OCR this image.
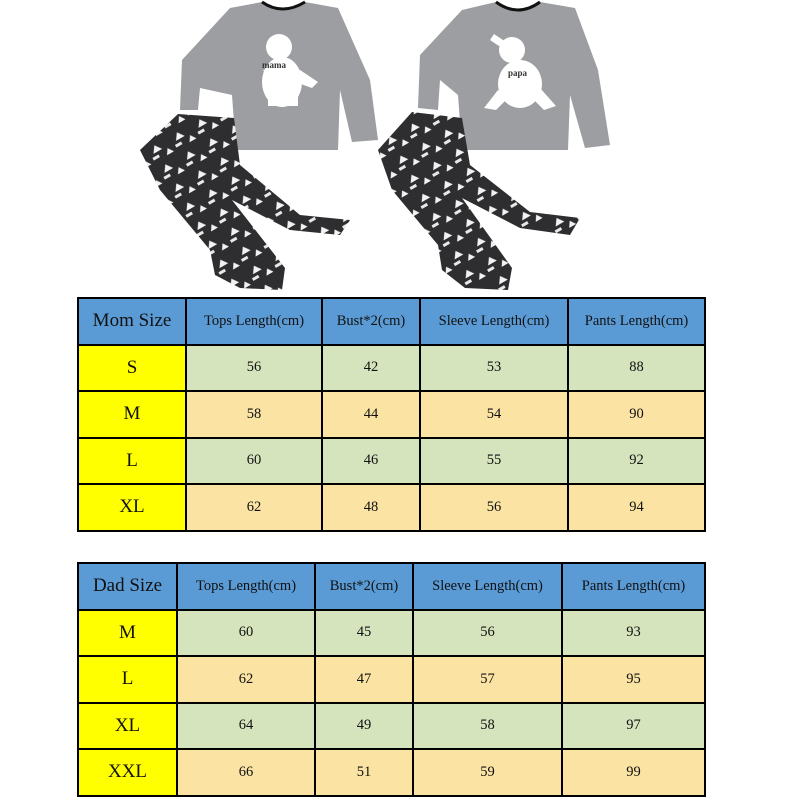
mama
papa
Mom Size	Tops Length(cm)	Bust*2(cm)	Sleeve Length(cm)	Pants Length(cm)
S	56	42	53	88
M	58	44	54	90
L	60	46	55	92
XL	62	48	56	94
Dad Size	Tops Length(cm)	Bust*2(cm)	Sleeve Length(cm)	Pants Length(cm)
M	60	45	56	93
L	62	47	57	95
XL	64	49	58	97
XXL	66	51	59	99
